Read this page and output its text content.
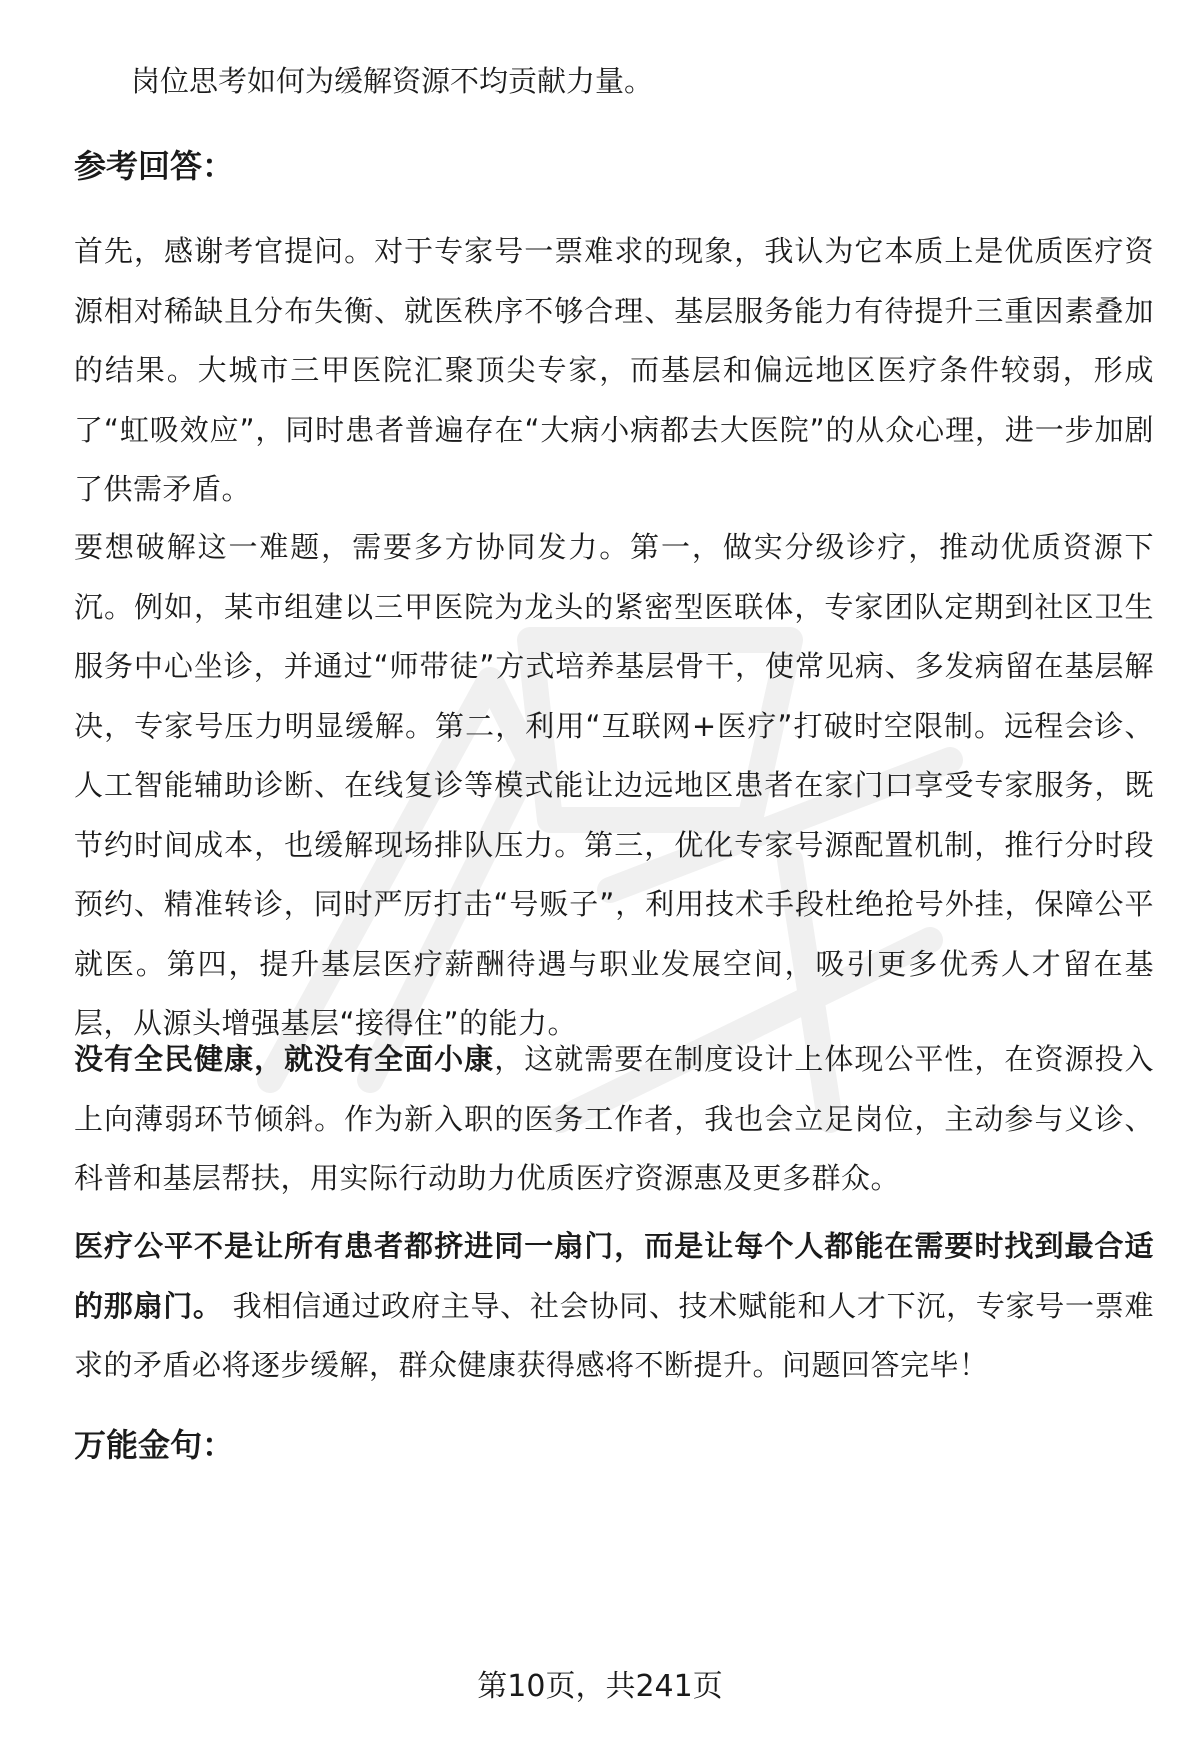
岗位思考如何为缓解资源不均贡献力量。

参考回答：

首先，感谢考官提问。对于专家号一票难求的现象，我认为它本质上是优质医疗资源相对稀缺且分布失衡、就医秩序不够合理、基层服务能力有待提升三重因素叠加的结果。大城市三甲医院汇聚顶尖专家，而基层和偏远地区医疗条件较弱，形成了“虹吸效应”，同时患者普遍存在“大病小病都去大医院”的从众心理，进一步加剧了供需矛盾。

要想破解这一难题，需要多方协同发力。第一，做实分级诊疗，推动优质资源下沉。例如，某市组建以三甲医院为龙头的紧密型医联体，专家团队定期到社区卫生服务中心坐诊，并通过“师带徒”方式培养基层骨干，使常见病、多发病留在基层解决，专家号压力明显缓解。第二，利用“互联网+医疗”打破时空限制。远程会诊、人工智能辅助诊断、在线复诊等模式能让边远地区患者在家门口享受专家服务，既节约时间成本，也缓解现场排队压力。第三，优化专家号源配置机制，推行分时段预约、精准转诊，同时严厉打击“号贩子”，利用技术手段杜绝抢号外挂，保障公平就医。第四，提升基层医疗薪酬待遇与职业发展空间，吸引更多优秀人才留在基层，从源头增强基层“接得住”的能力。

没有全民健康，就没有全面小康，这就需要在制度设计上体现公平性，在资源投入上向薄弱环节倾斜。作为新入职的医务工作者，我也会立足岗位，主动参与义诊、科普和基层帮扶，用实际行动助力优质医疗资源惠及更多群众。

医疗公平不是让所有患者都挤进同一扇门，而是让每个人都能在需要时找到最合适的那扇门。 我相信通过政府主导、社会协同、技术赋能和人才下沉，专家号一票难求的矛盾必将逐步缓解，群众健康获得感将不断提升。问题回答完毕！

万能金句：

第10页，共241页
